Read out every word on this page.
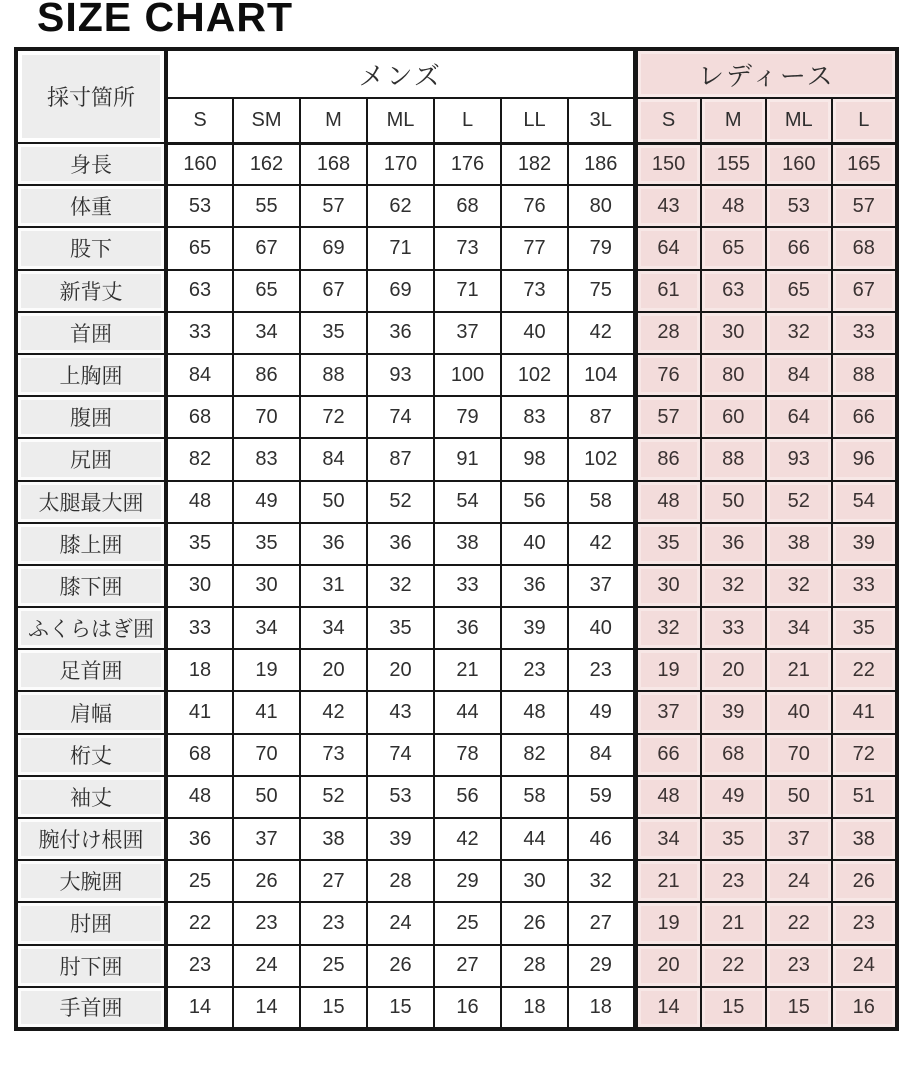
SIZE CHART
採寸箇所	メンズ							レディース			
	S	SM	M	ML	L	LL	3L	S	M	ML	L
身長	160	162	168	170	176	182	186	150	155	160	165
体重	53	55	57	62	68	76	80	43	48	53	57
股下	65	67	69	71	73	77	79	64	65	66	68
新背丈	63	65	67	69	71	73	75	61	63	65	67
首囲	33	34	35	36	37	40	42	28	30	32	33
上胸囲	84	86	88	93	100	102	104	76	80	84	88
腹囲	68	70	72	74	79	83	87	57	60	64	66
尻囲	82	83	84	87	91	98	102	86	88	93	96
太腿最大囲	48	49	50	52	54	56	58	48	50	52	54
膝上囲	35	35	36	36	38	40	42	35	36	38	39
膝下囲	30	30	31	32	33	36	37	30	32	32	33
ふくらはぎ囲	33	34	34	35	36	39	40	32	33	34	35
足首囲	18	19	20	20	21	23	23	19	20	21	22
肩幅	41	41	42	43	44	48	49	37	39	40	41
桁丈	68	70	73	74	78	82	84	66	68	70	72
袖丈	48	50	52	53	56	58	59	48	49	50	51
腕付け根囲	36	37	38	39	42	44	46	34	35	37	38
大腕囲	25	26	27	28	29	30	32	21	23	24	26
肘囲	22	23	23	24	25	26	27	19	21	22	23
肘下囲	23	24	25	26	27	28	29	20	22	23	24
手首囲	14	14	15	15	16	18	18	14	15	15	16
